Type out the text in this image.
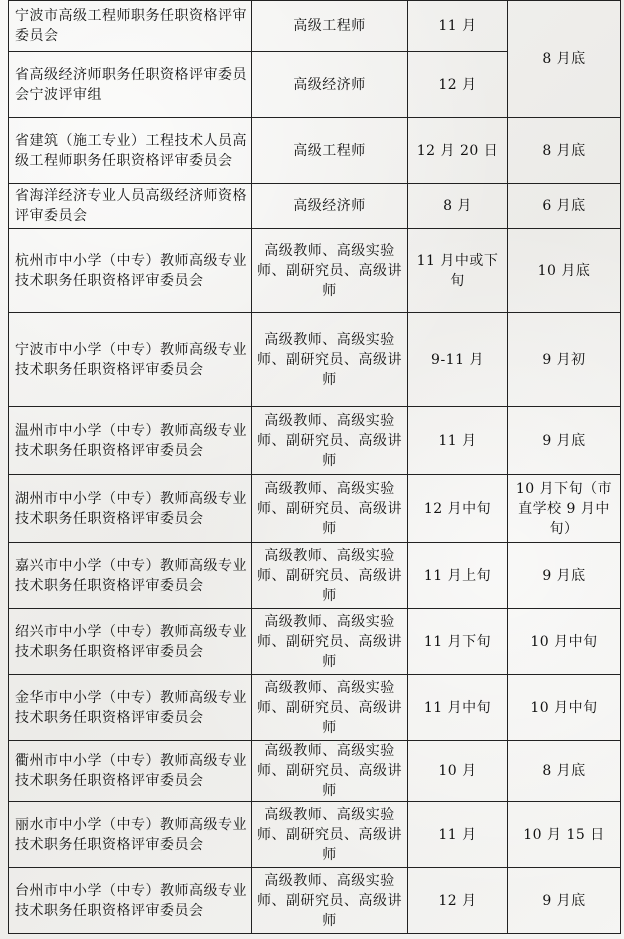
宁波市高级工程师职务任职资格评审委员会	高级工程师	11 月	8 月底
省高级经济师职务任职资格评审委员会宁波评审组	高级经济师	12 月	
省建筑（施工专业）工程技术人员高级工程师职务任职资格评审委员会	高级工程师	12 月 20 日	8 月底
省海洋经济专业人员高级经济师资格评审委员会	高级经济师	8 月	6 月底
杭州市中小学（中专）教师高级专业技术职务任职资格评审委员会	高级教师、高级实验师、副研究员、高级讲师	11 月中或下旬	10 月底
宁波市中小学（中专）教师高级专业技术职务任职资格评审委员会	高级教师、高级实验师、副研究员、高级讲师	9-11 月	9 月初
温州市中小学（中专）教师高级专业技术职务任职资格评审委员会	高级教师、高级实验师、副研究员、高级讲师	11 月	9 月底
湖州市中小学（中专）教师高级专业技术职务任职资格评审委员会	高级教师、高级实验师、副研究员、高级讲师	12 月中旬	10 月下旬（市直学校 9 月中旬）
嘉兴市中小学（中专）教师高级专业技术职务任职资格评审委员会	高级教师、高级实验师、副研究员、高级讲师	11 月上旬	9 月底
绍兴市中小学（中专）教师高级专业技术职务任职资格评审委员会	高级教师、高级实验师、副研究员、高级讲师	11 月下旬	10 月中旬
金华市中小学（中专）教师高级专业技术职务任职资格评审委员会	高级教师、高级实验师、副研究员、高级讲师	11 月中旬	10 月中旬
衢州市中小学（中专）教师高级专业技术职务任职资格评审委员会	高级教师、高级实验师、副研究员、高级讲师	10 月	8 月底
丽水市中小学（中专）教师高级专业技术职务任职资格评审委员会	高级教师、高级实验师、副研究员、高级讲师	11 月	10 月 15 日
台州市中小学（中专）教师高级专业技术职务任职资格评审委员会	高级教师、高级实验师、副研究员、高级讲师	12 月	9 月底
